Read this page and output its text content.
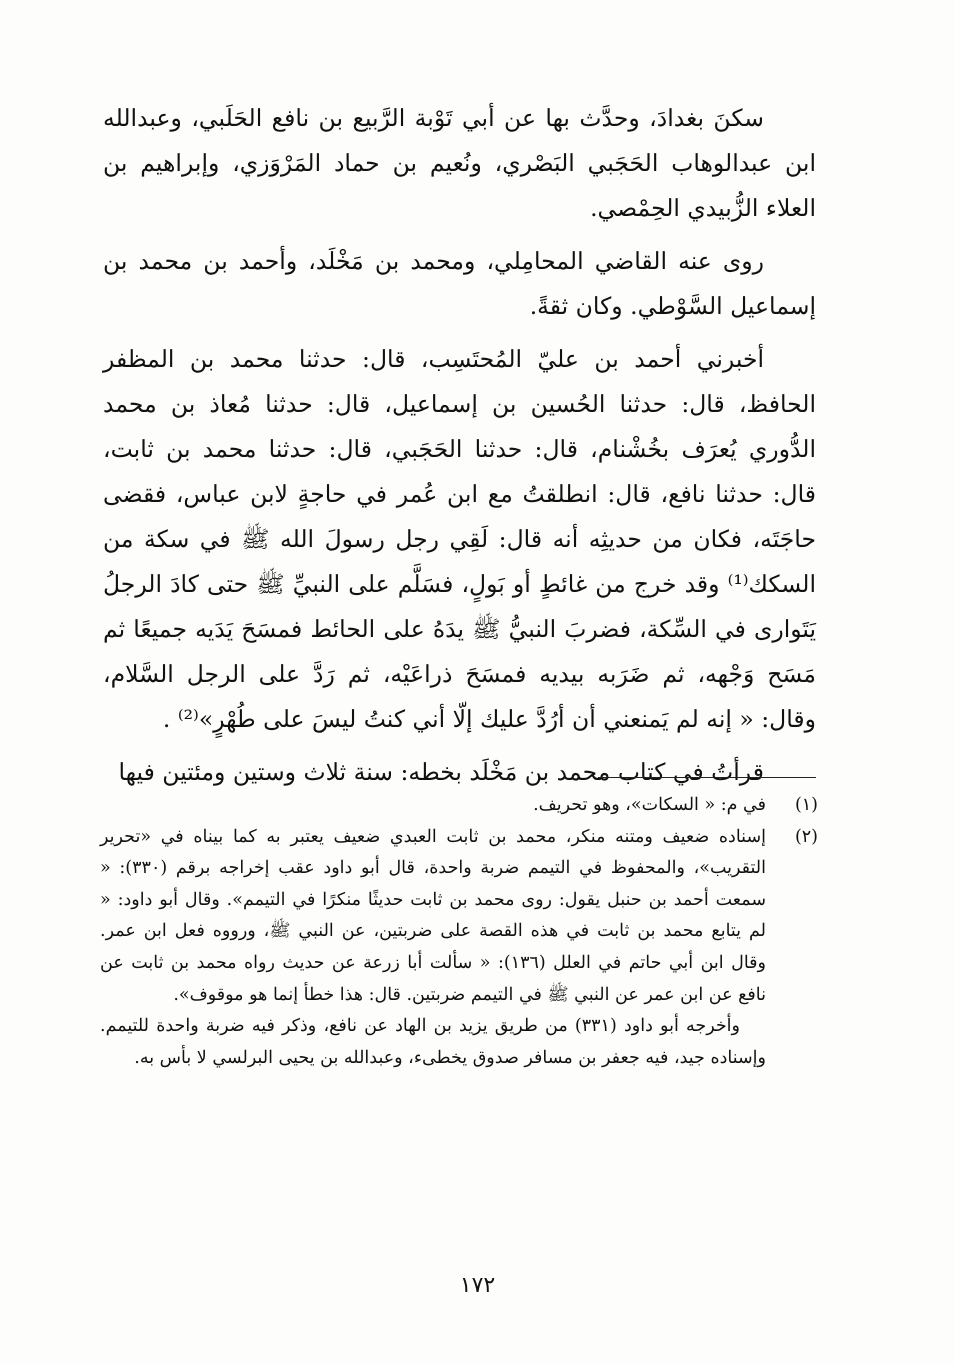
سكنَ بغدادَ، وحدَّث بها عن أبي تَوْبة الرَّبيع بن نافع الحَلَبي، وعبدالله ابن عبدالوهاب الحَجَبي البَصْري، ونُعيم بن حماد المَرْوَزي، وإبراهيم بن العلاء الزُّبيدي الحِمْصي.

روى عنه القاضي المحامِلي، ومحمد بن مَخْلَد، وأحمد بن محمد بن إسماعيل السَّوْطي. وكان ثقةً.

أخبرني أحمد بن عليّ المُحتَسِب، قال: حدثنا محمد بن المظفر الحافظ، قال: حدثنا الحُسين بن إسماعيل، قال: حدثنا مُعاذ بن محمد الدُّوري يُعرَف بخُشْنام، قال: حدثنا الحَجَبي، قال: حدثنا محمد بن ثابت، قال: حدثنا نافع، قال: انطلقتُ مع ابن عُمر في حاجةٍ لابن عباس، فقضى حاجَتَه، فكان من حديثِه أنه قال: لَقِي رجل رسولَ الله ﷺ في سكة من السكك⁽¹⁾ وقد خرج من غائطٍ أو بَولٍ، فسَلَّم على النبيِّ ﷺ حتى كادَ الرجلُ يَتَوارى في السِّكة، فضربَ النبيُّ ﷺ يدَهُ على الحائط فمسَحَ يَدَيه جميعًا ثم مَسَح وَجْهه، ثم ضَرَبه بيديه فمسَحَ ذراعَيْه، ثم رَدَّ على الرجل السَّلام، وقال: « إنه لم يَمنعني أن أرُدَّ عليك إلّا أني كنتُ ليسَ على طُهْرٍ»⁽²⁾ .

قرأتُ في كتاب محمد بن مَخْلَد بخطه: سنة ثلاث وستين ومئتين فيها

(١)
في م: « السكات»، وهو تحريف.
(٢)
إسناده ضعيف ومتنه منكر، محمد بن ثابت العبدي ضعيف يعتبر به كما بيناه في «تحرير التقريب»، والمحفوظ في التيمم ضربة واحدة، قال أبو داود عقب إخراجه برقم (٣٣٠): « سمعت أحمد بن حنبل يقول: روى محمد بن ثابت حديثًا منكرًا في التيمم». وقال أبو داود: « لم يتابع محمد بن ثابت في هذه القصة على ضربتين، عن النبي ﷺ، ورووه فعل ابن عمر. وقال ابن أبي حاتم في العلل (١٣٦): « سألت أبا زرعة عن حديث رواه محمد بن ثابت عن نافع عن ابن عمر عن النبي ﷺ في التيمم ضربتين. قال: هذا خطأ إنما هو موقوف».

وأخرجه أبو داود (٣٣١) من طريق يزيد بن الهاد عن نافع، وذكر فيه ضربة واحدة للتيمم. وإسناده جيد، فيه جعفر بن مسافر صدوق يخطىء، وعبدالله بن يحيى البرلسي لا بأس به.

١٧٢
